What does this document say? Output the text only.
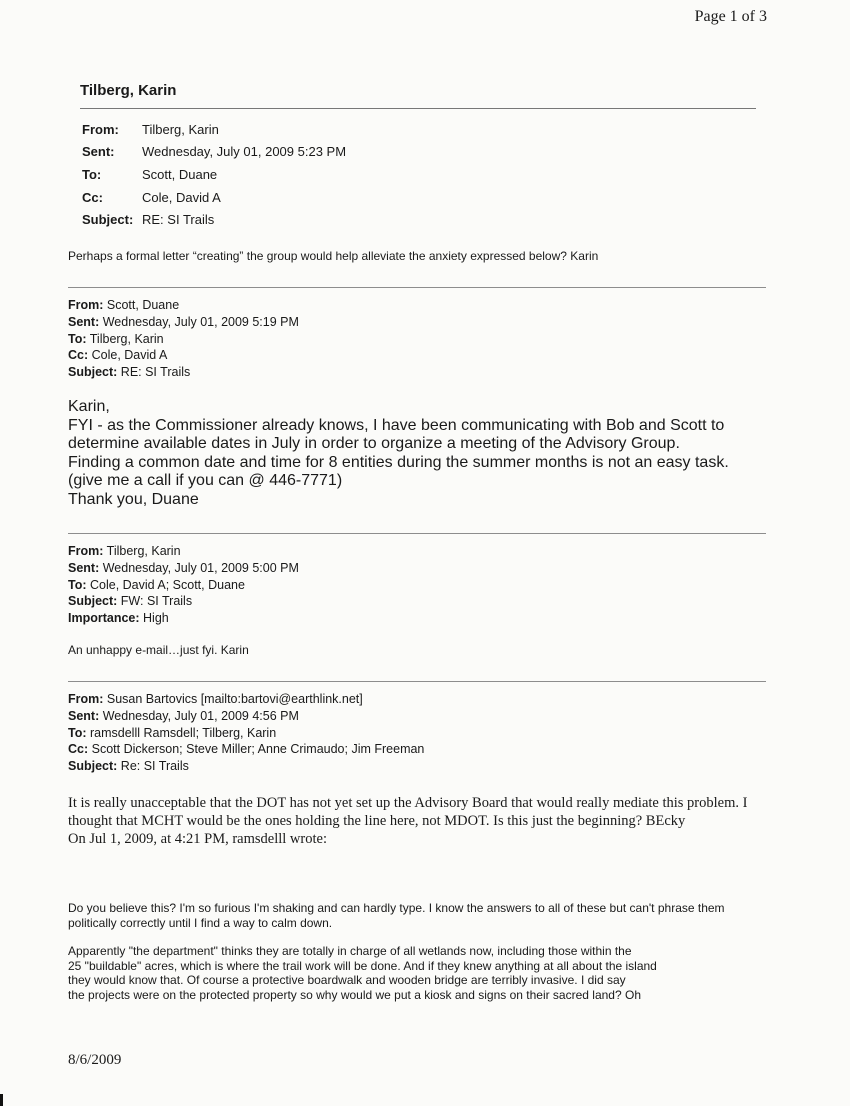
Page 1 of 3
Tilberg, Karin
From:	Tilberg, Karin
Sent:	Wednesday, July 01, 2009 5:23 PM
To:	Scott, Duane
Cc:	Cole, David A
Subject:	RE: SI Trails
Perhaps a formal letter “creating” the group would help alleviate the anxiety expressed below? Karin
From: Scott, Duane
Sent: Wednesday, July 01, 2009 5:19 PM
To: Tilberg, Karin
Cc: Cole, David A
Subject: RE: SI Trails
Karin,
FYI - as the Commissioner already knows, I have been communicating with Bob and Scott to
determine available dates in July in order to organize a meeting of the Advisory Group.
Finding a common date and time for 8 entities during the summer months is not an easy task.
(give me a call if you can @ 446-7771)
Thank you, Duane
From: Tilberg, Karin
Sent: Wednesday, July 01, 2009 5:00 PM
To: Cole, David A; Scott, Duane
Subject: FW: SI Trails
Importance: High
An unhappy e-mail…just fyi. Karin
From: Susan Bartovics [mailto:bartovi@earthlink.net]
Sent: Wednesday, July 01, 2009 4:56 PM
To: ramsdelll Ramsdell; Tilberg, Karin
Cc: Scott Dickerson; Steve Miller; Anne Crimaudo; Jim Freeman
Subject: Re: SI Trails
It is really unacceptable that the DOT has not yet set up the Advisory Board that would really mediate this problem. I thought that MCHT would be the ones holding the line here, not MDOT. Is this just the beginning? BEcky
On Jul 1, 2009, at 4:21 PM, ramsdelll wrote:

Do you believe this? I'm so furious I'm shaking and can hardly type. I know the answers to all of these but can't phrase them politically correctly until I find a way to calm down.

Apparently "the department" thinks they are totally in charge of all wetlands now, including those within the
25 "buildable" acres, which is where the trail work will be done. And if they knew anything at all about the island
they would know that. Of course a protective boardwalk and wooden bridge are terribly invasive. I did say
the projects were on the protected property so why would we put a kiosk and signs on their sacred land? Oh

8/6/2009
